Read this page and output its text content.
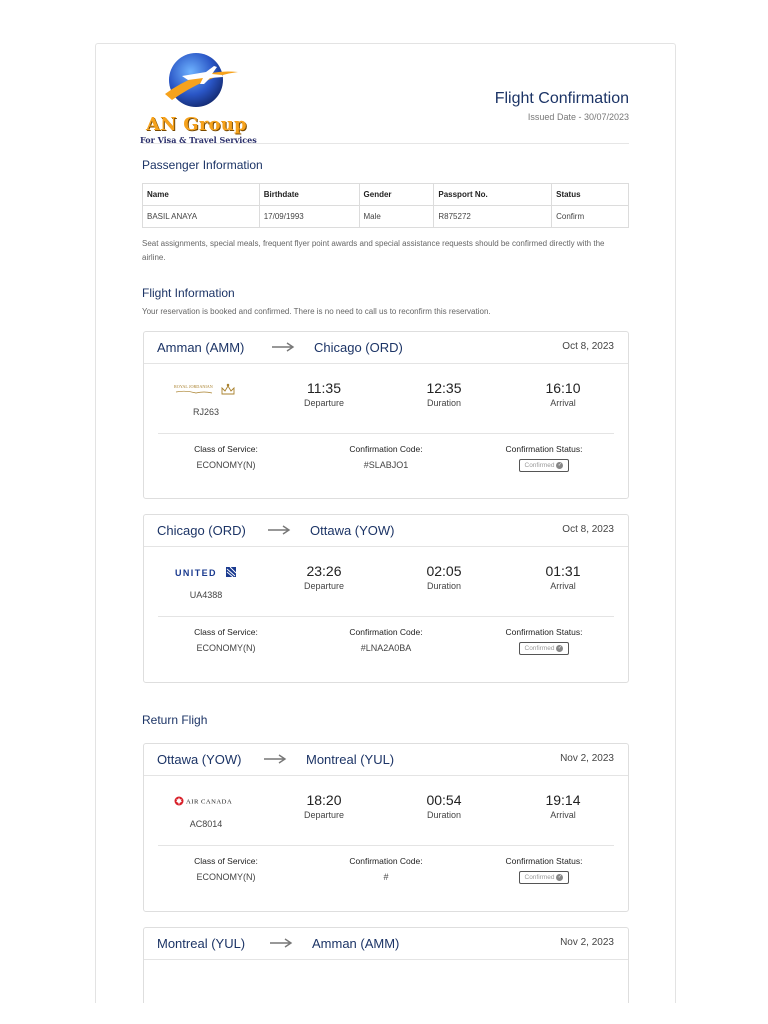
AN Group
For Visa & Travel Services
Flight Confirmation
Issued Date - 30/07/2023
Passenger Information
Name	Birthdate	Gender	Passport No.	Status
BASIL ANAYA	17/09/1993	Male	R875272	Confirm
Seat assignments, special meals, frequent flyer point awards and special assistance requests should be confirmed directly with the airline.
Flight Information
Your reservation is booked and confirmed. There is no need to call us to reconfirm this reservation.
Amman (AMM)	Chicago (ORD)	Oct 8, 2023
ROYAL JORDANIAN
RJ263
11:35
Departure
12:35
Duration
16:10
Arrival
Class of Service:
ECONOMY(N)
Confirmation Code:
#SLABJO1
Confirmation Status:
Confirmed ✓
Chicago (ORD)	Ottawa (YOW)	Oct 8, 2023
UNITED
UA4388
23:26
Departure
02:05
Duration
01:31
Arrival
Class of Service:
ECONOMY(N)
Confirmation Code:
#LNA2A0BA
Confirmation Status:
Confirmed ✓
Return Fligh
Ottawa (YOW)	Montreal (YUL)	Nov 2, 2023
AIR CANADA
AC8014
18:20
Departure
00:54
Duration
19:14
Arrival
Class of Service:
ECONOMY(N)
Confirmation Code:
#
Confirmation Status:
Confirmed ✓
Montreal (YUL)	Amman (AMM)	Nov 2, 2023
